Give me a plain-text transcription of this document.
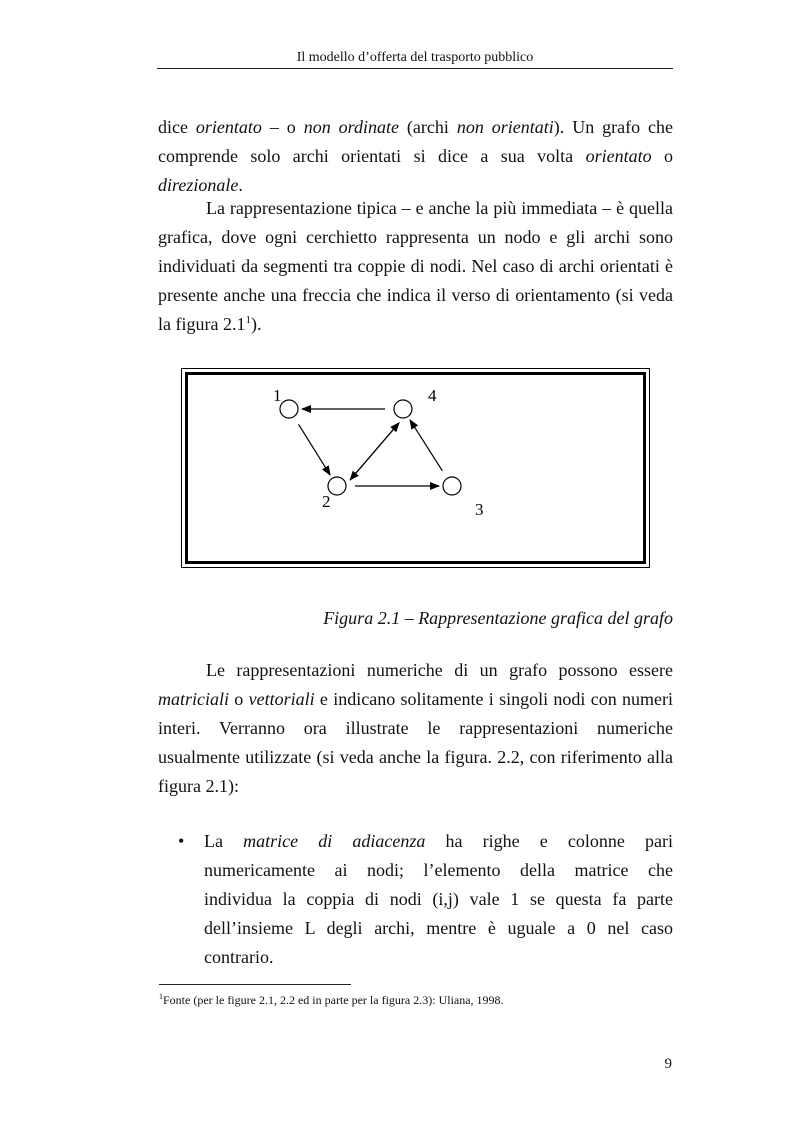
Il modello d’offerta del trasporto pubblico
dice orientato – o non ordinate (archi non orientati). Un grafo che comprende solo archi orientati si dice a sua volta orientato o direzionale.
La rappresentazione tipica – e anche la più immediata – è quella grafica, dove ogni cerchietto rappresenta un nodo e gli archi sono individuati da segmenti tra coppie di nodi. Nel caso di archi orientati è presente anche una freccia che indica il verso di orientamento (si veda la figura $2.1^1$).
1
2	3
4
Figura 2.1 – Rappresentazione grafica del grafo
Le rappresentazioni numeriche di un grafo possono essere matriciali o vettoriali e indicano solitamente i singoli nodi con numeri interi. Verranno ora illustrate le rappresentazioni numeriche usualmente utilizzate (si veda anche la figura. 2.2, con riferimento alla figura 2.1):
•	La matrice di adiacenza ha righe e colonne pari numericamente ai nodi; l’elemento della matrice che individua la coppia di nodi (i,j) vale 1 se questa fa parte dell’insieme L degli archi, mentre è uguale a 0 nel caso contrario.
$^1$Fonte (per le figure 2.1, 2.2 ed in parte per la figura 2.3): Uliana, 1998.
9
